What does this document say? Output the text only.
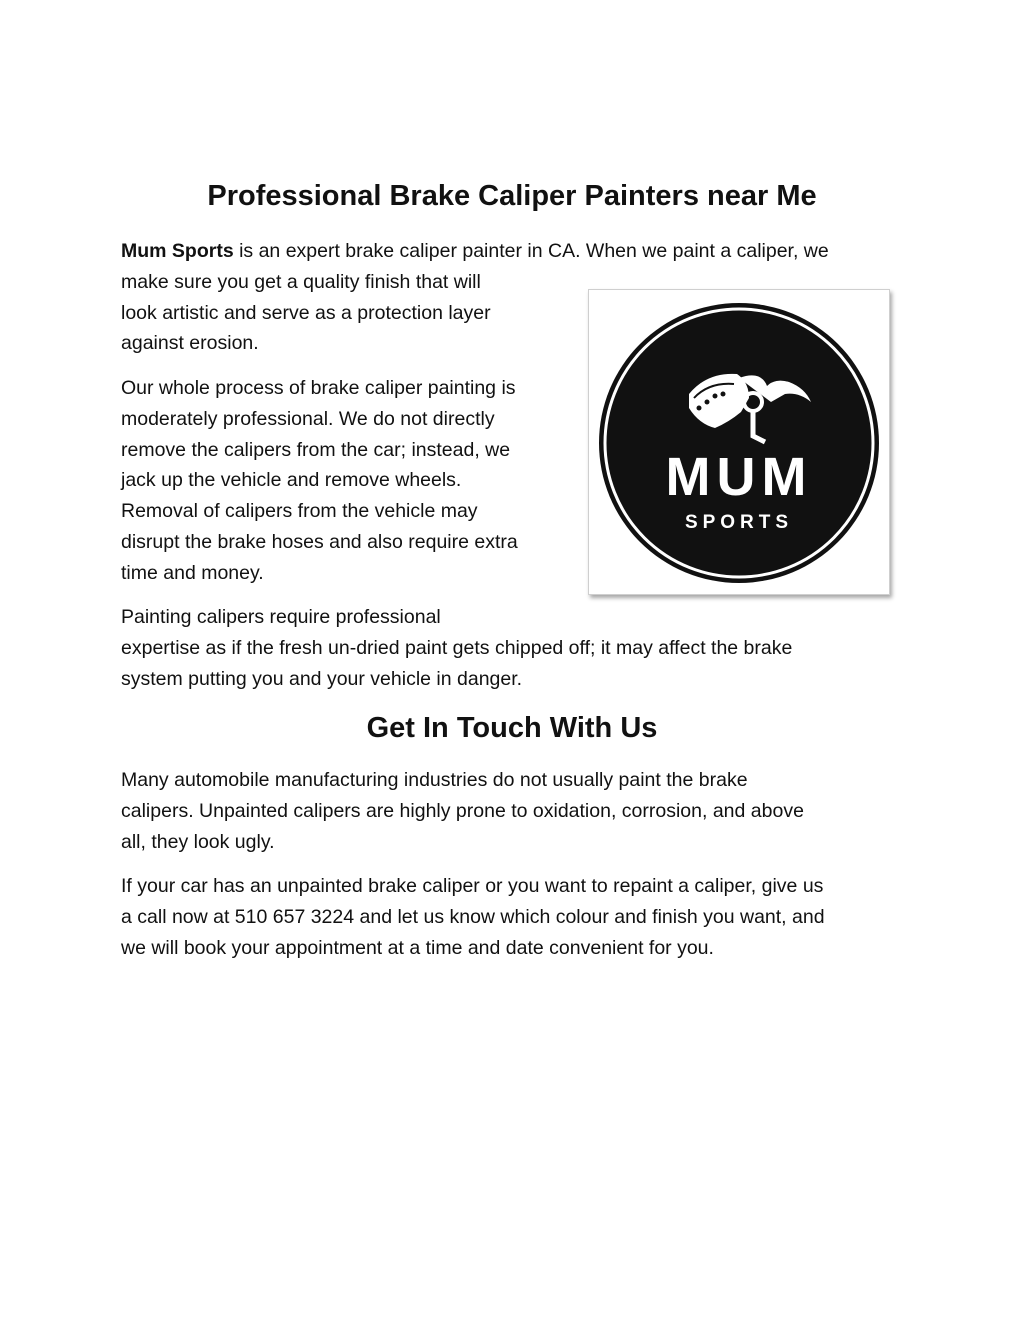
Professional Brake Caliper Painters near Me

Mum Sports is an expert brake caliper painter in CA. When we paint a caliper, we
make sure you get a quality finish that will
look artistic and serve as a protection layer
against erosion.

Our whole process of brake caliper painting is
moderately professional. We do not directly
remove the calipers from the car; instead, we
jack up the vehicle and remove wheels.
Removal of calipers from the vehicle may
disrupt the brake hoses and also require extra
time and money.

MUM
SPORTS

Painting calipers require professional
expertise as if the fresh un-dried paint gets chipped off; it may affect the brake
system putting you and your vehicle in danger.

Get In Touch With Us

Many automobile manufacturing industries do not usually paint the brake
calipers. Unpainted calipers are highly prone to oxidation, corrosion, and above
all, they look ugly.

If your car has an unpainted brake caliper or you want to repaint a caliper, give us
a call now at 510 657 3224 and let us know which colour and finish you want, and
we will book your appointment at a time and date convenient for you.
